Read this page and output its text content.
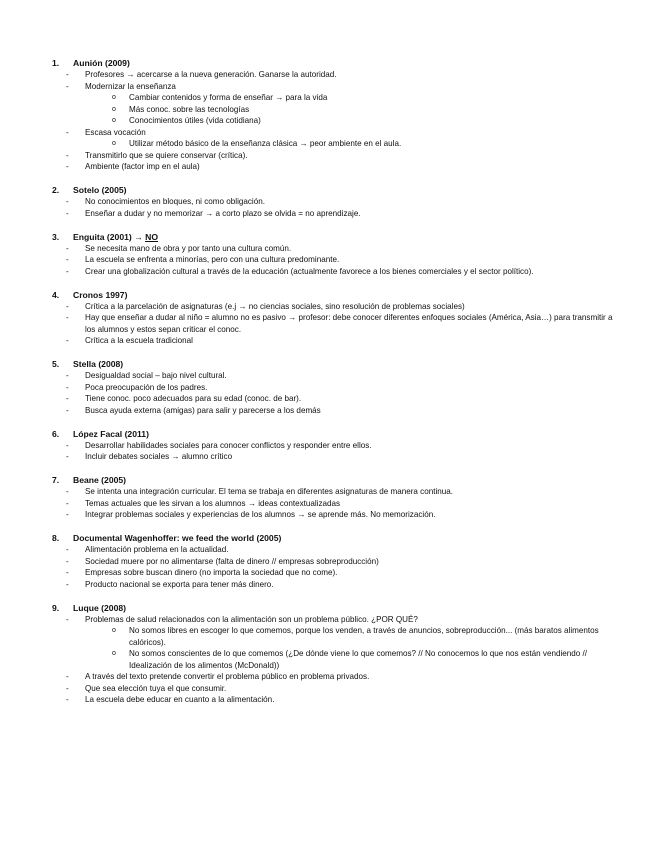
1.	Aunión (2009)
-	Profesores → acercarse a la nueva generación. Ganarse la autoridad.
-	Modernizar la enseñanza
o	Cambiar contenidos y forma de enseñar → para la vida
o	Más conoc. sobre las tecnologías
o	Conocimientos útiles (vida cotidiana)
-	Escasa vocación
o	Utilizar método básico de la enseñanza clásica → peor ambiente en el aula.
-	Transmitirlo que se quiere conservar (crítica).
-	Ambiente (factor imp en el aula)
2.	Sotelo (2005)
-	No conocimientos en bloques, ni como obligación.
-	Enseñar a dudar y no memorizar → a corto plazo se olvida = no aprendizaje.
3.	Enguita (2001) → NO
-	Se necesita mano de obra y por tanto una cultura común.
-	La escuela se enfrenta a minorías, pero con una cultura predominante.
-	Crear una globalización cultural a través de la educación (actualmente favorece a los bienes comerciales y el sector político).
4.	Cronos 1997)
-	Crítica a la parcelación de asignaturas (e.j → no ciencias sociales, sino resolución de problemas sociales)
-	Hay que enseñar a dudar al niño = alumno no es pasivo → profesor: debe conocer diferentes enfoques sociales (América, Asia…) para transmitir a los alumnos y estos sepan criticar el conoc.
-	Crítica a la escuela tradicional
5.	Stella (2008)
-	Desigualdad social – bajo nivel cultural.
-	Poca preocupación de los padres.
-	Tiene conoc. poco adecuados para su edad (conoc. de bar).
-	Busca ayuda externa (amigas) para salir y parecerse a los demás
6.	López Facal (2011)
-	Desarrollar habilidades sociales para conocer conflictos y responder entre ellos.
-	Incluir debates sociales → alumno crítico
7.	Beane (2005)
-	Se intenta una integración curricular. El tema se trabaja en diferentes asignaturas de manera continua.
-	Temas actuales que les sirvan a los alumnos → ideas contextualizadas
-	Integrar problemas sociales y experiencias de los alumnos → se aprende más. No memorización.
8.	Documental Wagenhoffer: we feed the world (2005)
-	Alimentación problema en la actualidad.
-	Sociedad muere por no alimentarse (falta de dinero // empresas sobreproducción)
-	Empresas sobre buscan dinero (no importa la sociedad que no come).
-	Producto nacional se exporta para tener más dinero.
9.	Luque (2008)
-	Problemas de salud relacionados con la alimentación son un problema público. ¿POR QUÉ?
o	No somos libres en escoger lo que comemos, porque los venden, a través de anuncios, sobreproducción... (más baratos alimentos calóricos).
o	No somos conscientes de lo que comemos (¿De dónde viene lo que comemos? // No conocemos lo que nos están vendiendo // Idealización de los alimentos (McDonald))
-	A través del texto pretende convertir el problema público en problema privados.
-	Que sea elección tuya el que consumir.
-	La escuela debe educar en cuanto a la alimentación.
